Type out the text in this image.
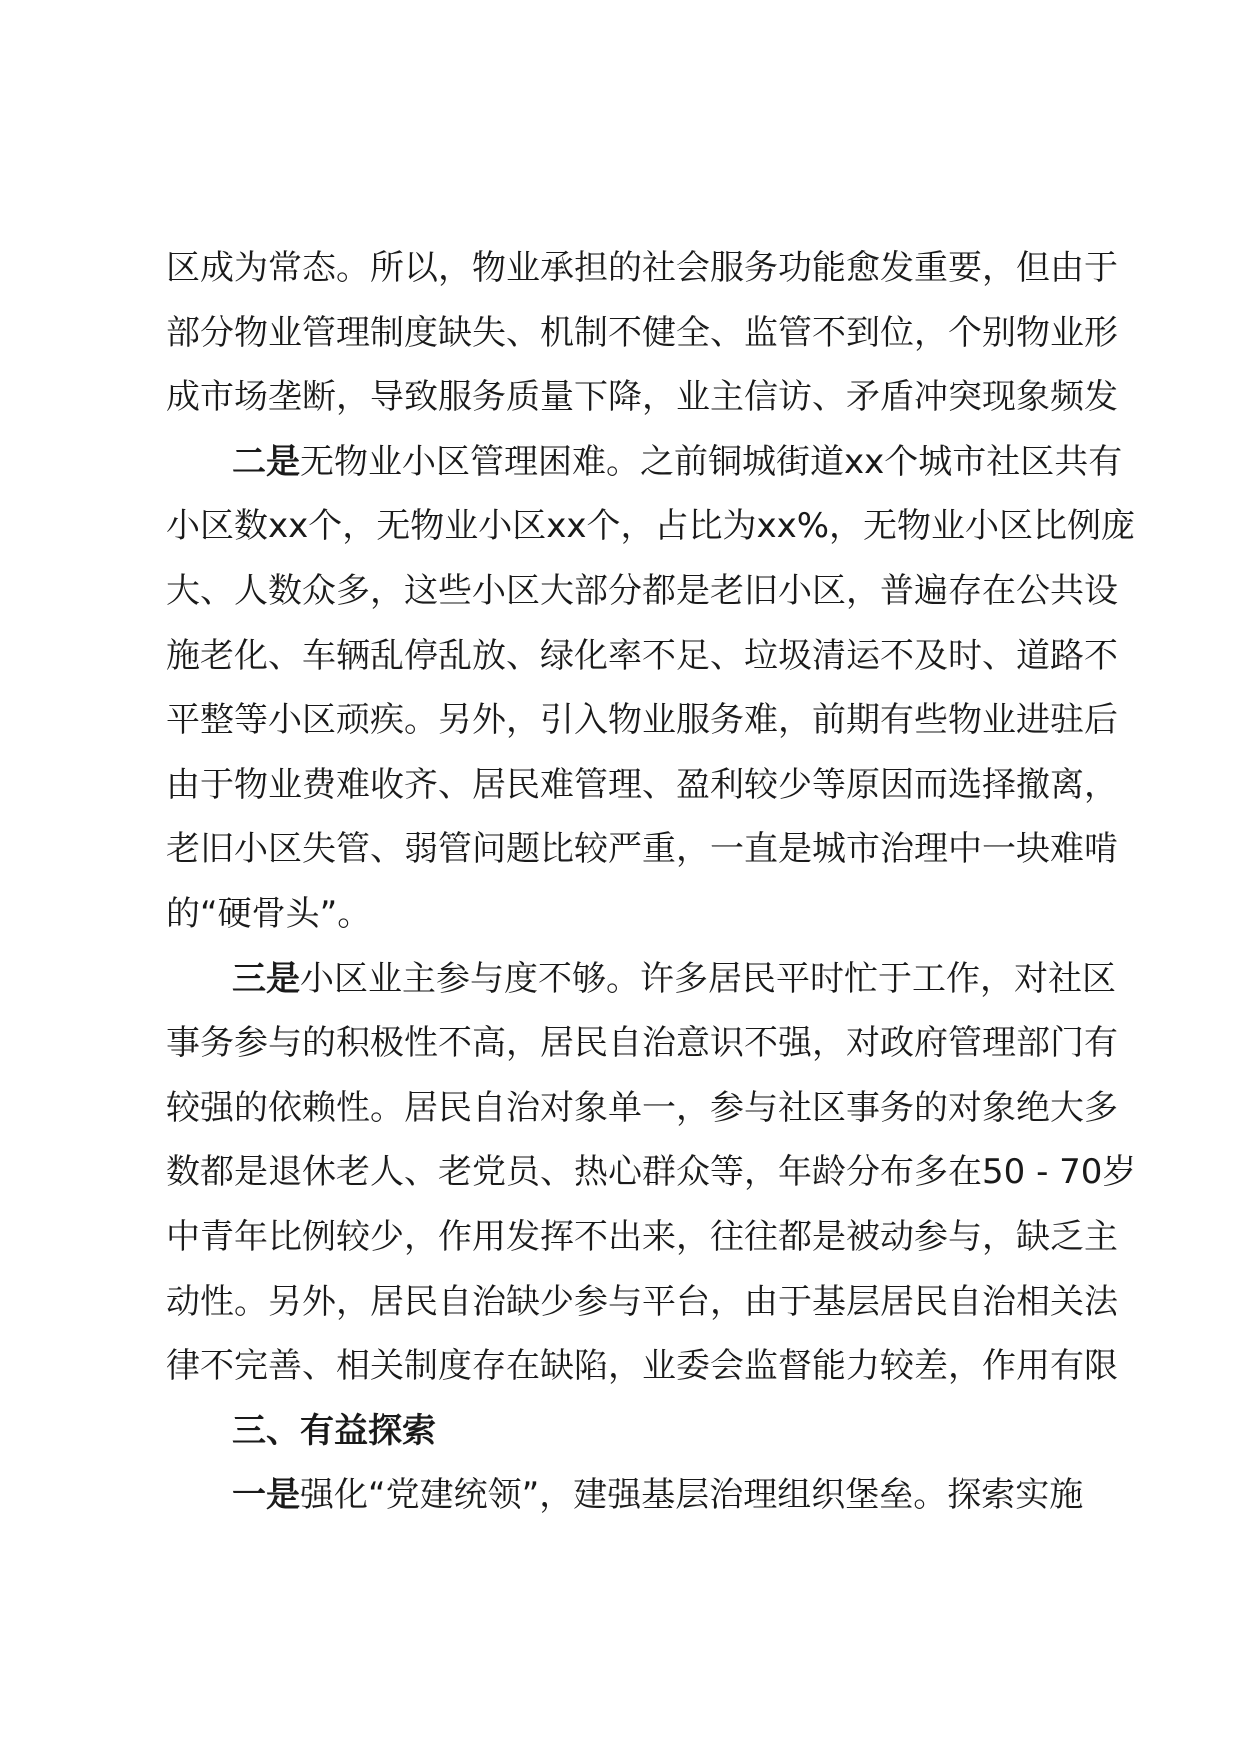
区成为常态。所以，物业承担的社会服务功能愈发重要，但由于
部分物业管理制度缺失、机制不健全、监管不到位，个别物业形
成市场垄断，导致服务质量下降，业主信访、矛盾冲突现象频发
二是无物业小区管理困难。之前铜城街道xx个城市社区共有
小区数xx个，无物业小区xx个，占比为xx%，无物业小区比例庞
大、人数众多，这些小区大部分都是老旧小区，普遍存在公共设
施老化、车辆乱停乱放、绿化率不足、垃圾清运不及时、道路不
平整等小区顽疾。另外，引入物业服务难，前期有些物业进驻后
由于物业费难收齐、居民难管理、盈利较少等原因而选择撤离，
老旧小区失管、弱管问题比较严重，一直是城市治理中一块难啃
的“硬骨头”。
三是小区业主参与度不够。许多居民平时忙于工作，对社区
事务参与的积极性不高，居民自治意识不强，对政府管理部门有
较强的依赖性。居民自治对象单一，参与社区事务的对象绝大多
数都是退休老人、老党员、热心群众等，年龄分布多在50 - 70岁
中青年比例较少，作用发挥不出来，往往都是被动参与，缺乏主
动性。另外，居民自治缺少参与平台，由于基层居民自治相关法
律不完善、相关制度存在缺陷，业委会监督能力较差，作用有限
三、有益探索
一是强化“党建统领”，建强基层治理组织堡垒。探索实施
